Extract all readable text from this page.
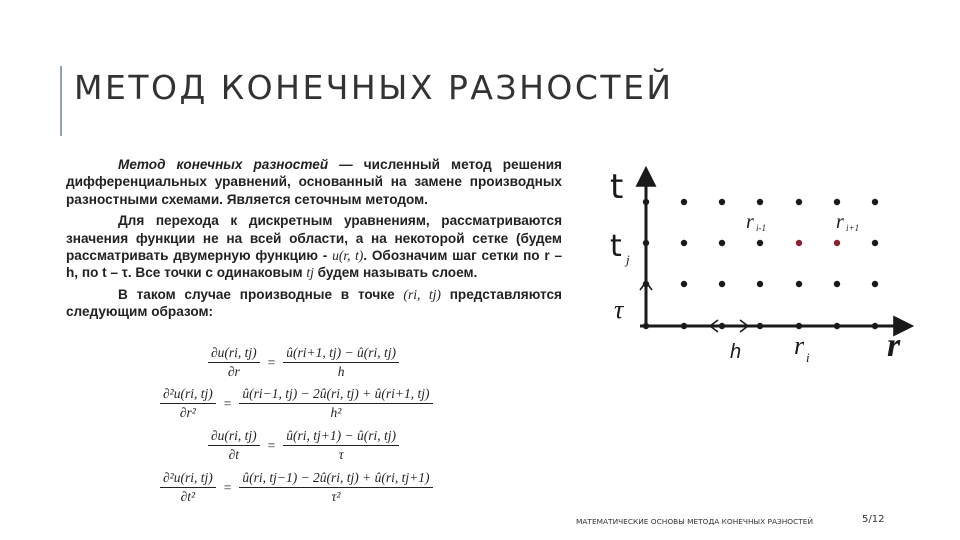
МЕТОД КОНЕЧНЫХ РАЗНОСТЕЙ

Метод конечных разностей — численный метод решения дифференциальных уравнений, основанный на замене производных разностными схемами. Является сеточным методом.

Для перехода к дискретным уравнениям, рассматриваются значения функции не на всей области, а на некоторой сетке (будем рассматривать двумерную функцию - u(r, t). Обозначим шаг сетки по r – h, по t – τ. Все точки с одинаковым tj будем называть слоем.

В таком случае производные в точке (ri, tj) представляются следующим образом:

$\frac{\partial u(ri, tj)}{\partial r} = \frac{û(ri+1, tj) - û(ri, tj)}{h}$
$\frac{\text{∂²u(ri, tj)}}{\text{∂r²}} = \frac{û(ri-1, tj) - 2û(ri, tj) + û(ri+1, tj)}{\text{h²}}$
$\frac{\partial u(ri, tj)}{\partial t} = \frac{û(ri, tj+1) - û(ri, tj)}{\tau}$
$\frac{\text{∂²u(ri, tj)}}{\text{∂t²}} = \frac{û(ri, tj-1) - 2û(ri, tj) + û(ri, tj+1)}{\text{τ²}}$
t
t j
τ
h r i r
r i-1	r i+1
МАТЕМАТИЧЕСКИЕ ОСНОВЫ МЕТОДА КОНЕЧНЫХ РАЗНОСТЕЙ	5/12
